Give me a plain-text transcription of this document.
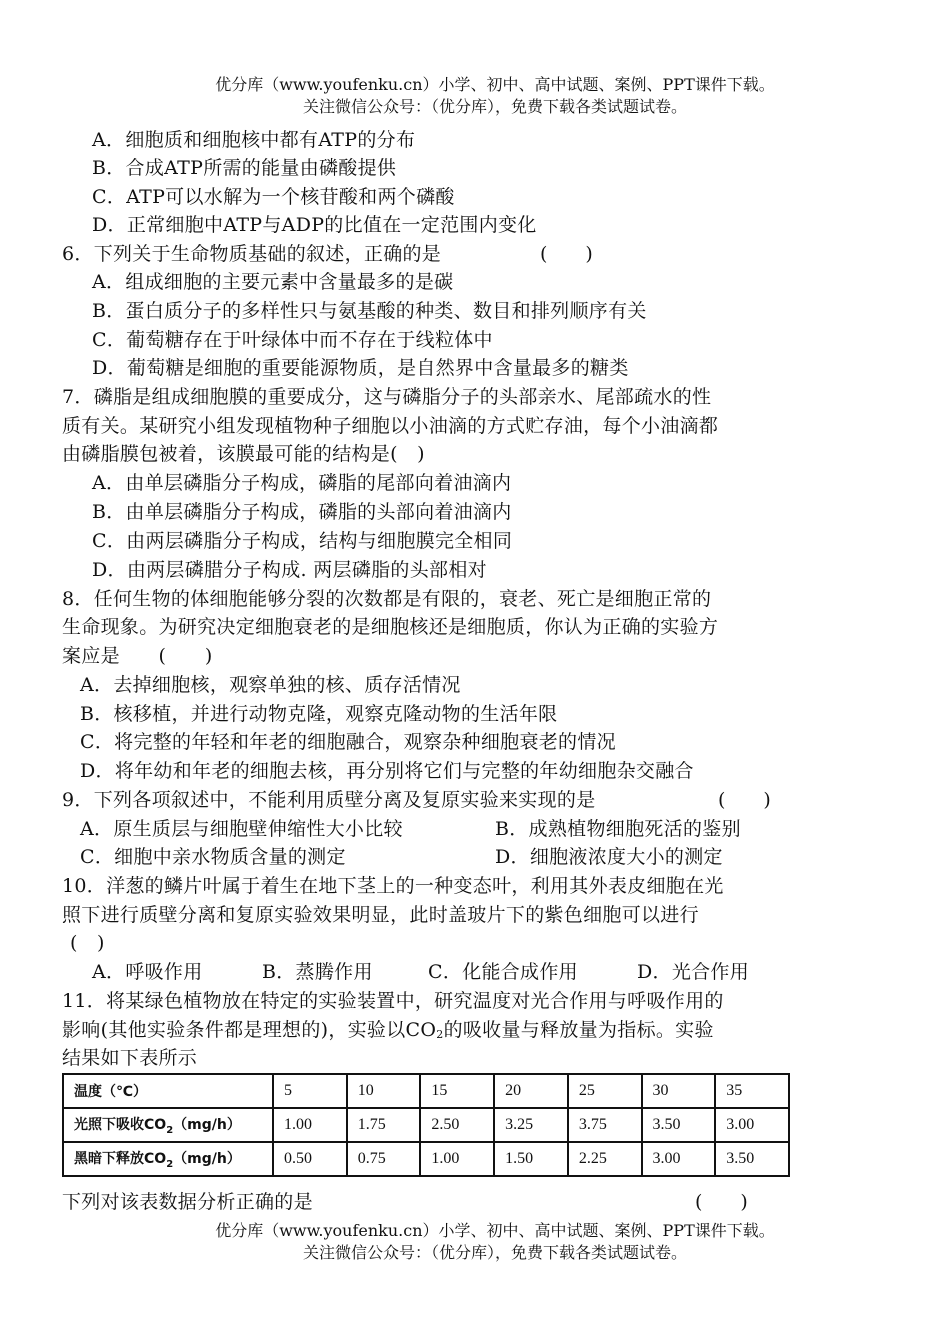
优分库（www.youfenku.cn）小学、初中、高中试题、案例、PPT课件下载。
关注微信公众号：（优分库），免费下载各类试题试卷。
A．细胞质和细胞核中都有ATP的分布
B．合成ATP所需的能量由磷酸提供
C．ATP可以水解为一个核苷酸和两个磷酸
D．正常细胞中ATP与ADP的比值在一定范围内变化
6．下列关于生命物质基础的叙述，正确的是	(　　)
A．组成细胞的主要元素中含量最多的是碳
B．蛋白质分子的多样性只与氨基酸的种类、数目和排列顺序有关
C．葡萄糖存在于叶绿体中而不存在于线粒体中
D．葡萄糖是细胞的重要能源物质，是自然界中含量最多的糖类
7．磷脂是组成细胞膜的重要成分，这与磷脂分子的头部亲水、尾部疏水的性
质有关。某研究小组发现植物种子细胞以小油滴的方式贮存油，每个小油滴都
由磷脂膜包被着，该膜最可能的结构是(　)
A．由单层磷脂分子构成，磷脂的尾部向着油滴内
B．由单层磷脂分子构成，磷脂的头部向着油滴内
C．由两层磷脂分子构成，结构与细胞膜完全相同
D．由两层磷腊分子构成. 两层磷脂的头部相对
8．任何生物的体细胞能够分裂的次数都是有限的，衰老、死亡是细胞正常的
生命现象。为研究决定细胞衰老的是细胞核还是细胞质，你认为正确的实验方
案应是　　(　　)
A．去掉细胞核，观察单独的核、质存活情况
B．核移植，并进行动物克隆，观察克隆动物的生活年限
C．将完整的年轻和年老的细胞融合，观察杂种细胞衰老的情况
D．将年幼和年老的细胞去核，再分别将它们与完整的年幼细胞杂交融合
9．下列各项叙述中，不能利用质壁分离及复原实验来实现的是	(　　)
A．原生质层与细胞壁伸缩性大小比较	B．成熟植物细胞死活的鉴别
C．细胞中亲水物质含量的测定	D．细胞液浓度大小的测定
10．洋葱的鳞片叶属于着生在地下茎上的一种变态叶，利用其外表皮细胞在光
照下进行质壁分离和复原实验效果明显，此时盖玻片下的紫色细胞可以进行
(　)
A．呼吸作用	B．蒸腾作用	C．化能合成作用	D．光合作用
11．将某绿色植物放在特定的实验装置中，研究温度对光合作用与呼吸作用的
影响(其他实验条件都是理想的)，实验以$CO_2$的吸收量与释放量为指标。实验
结果如下表所示
温度（℃）	5	10	15	20	25	30	35
光照下吸收$CO_2(mg/h)$	1.00	1.75	2.50	3.25	3.75	3.50	3.00
黑暗下释放$CO_2(mg/h)$	0.50	0.75	1.00	1.50	2.25	3.00	3.50
下列对该表数据分析正确的是	(　　)
优分库（www.youfenku.cn）小学、初中、高中试题、案例、PPT课件下载。
关注微信公众号：（优分库），免费下载各类试题试卷。
